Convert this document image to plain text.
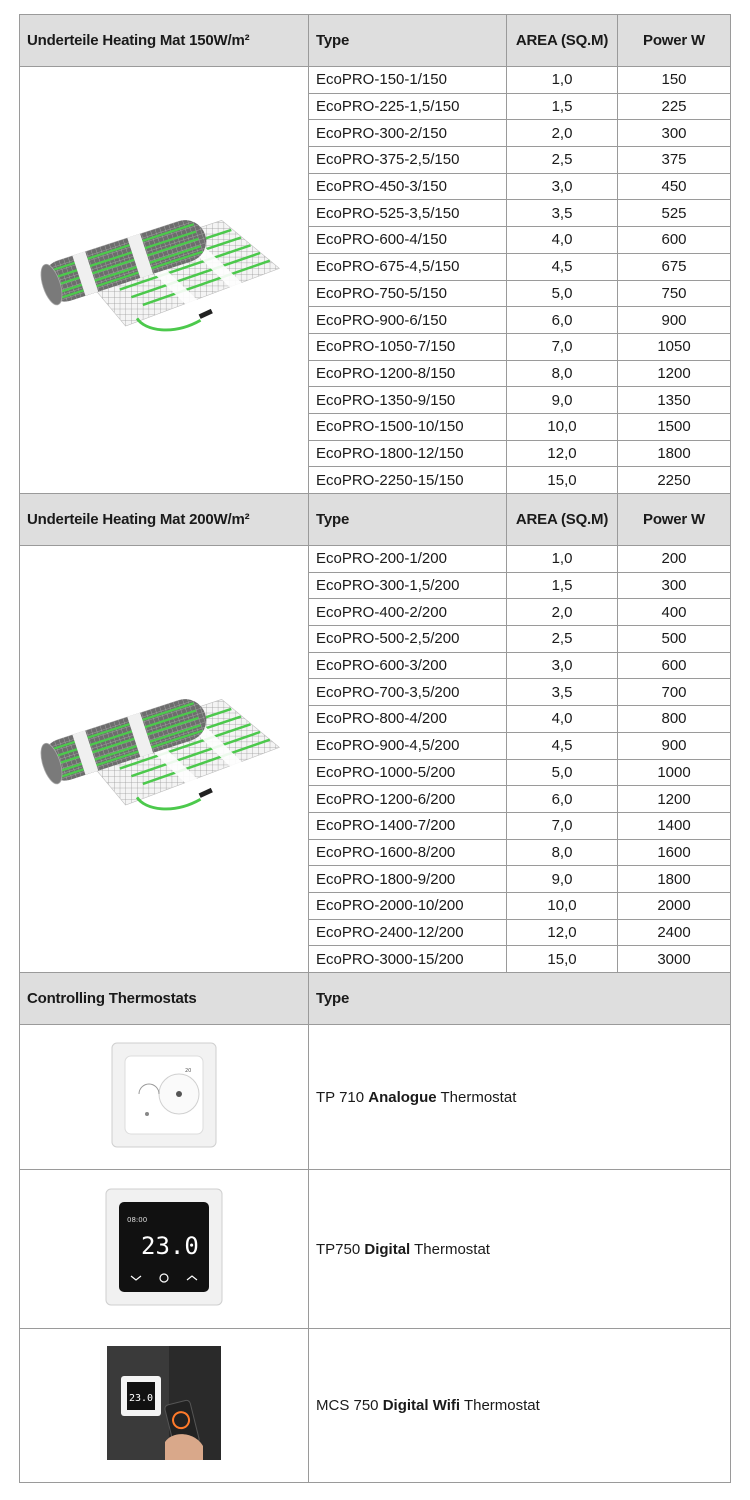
Underteile Heating Mat 150W/m²	Type	AREA (SQ.M)	Power W

	EcoPRO-150-1/150	1,0	150
	EcoPRO-225-1,5/150	1,5	225
	EcoPRO-300-2/150	2,0	300
	EcoPRO-375-2,5/150	2,5	375
	EcoPRO-450-3/150	3,0	450
	EcoPRO-525-3,5/150	3,5	525
	EcoPRO-600-4/150	4,0	600
	EcoPRO-675-4,5/150	4,5	675
	EcoPRO-750-5/150	5,0	750
	EcoPRO-900-6/150	6,0	900
	EcoPRO-1050-7/150	7,0	1050
	EcoPRO-1200-8/150	8,0	1200
	EcoPRO-1350-9/150	9,0	1350
	EcoPRO-1500-10/150	10,0	1500
	EcoPRO-1800-12/150	12,0	1800
	EcoPRO-2250-15/150	15,0	2250
Underteile Heating Mat 200W/m²	Type	AREA (SQ.M)	Power W

	EcoPRO-200-1/200	1,0	200
	EcoPRO-300-1,5/200	1,5	300
	EcoPRO-400-2/200	2,0	400
	EcoPRO-500-2,5/200	2,5	500
	EcoPRO-600-3/200	3,0	600
	EcoPRO-700-3,5/200	3,5	700
	EcoPRO-800-4/200	4,0	800
	EcoPRO-900-4,5/200	4,5	900
	EcoPRO-1000-5/200	5,0	1000
	EcoPRO-1200-6/200	6,0	1200
	EcoPRO-1400-7/200	7,0	1400
	EcoPRO-1600-8/200	8,0	1600
	EcoPRO-1800-9/200	9,0	1800
	EcoPRO-2000-10/200	10,0	2000
	EcoPRO-2400-12/200	12,0	2400
	EcoPRO-3000-15/200	15,0	3000
Controlling Thermostats	Type		

20	TP 710 Analogue Thermostat		

23.0
08:00	TP750 Digital Thermostat		

23.0	MCS 750 Digital Wifi Thermostat		
